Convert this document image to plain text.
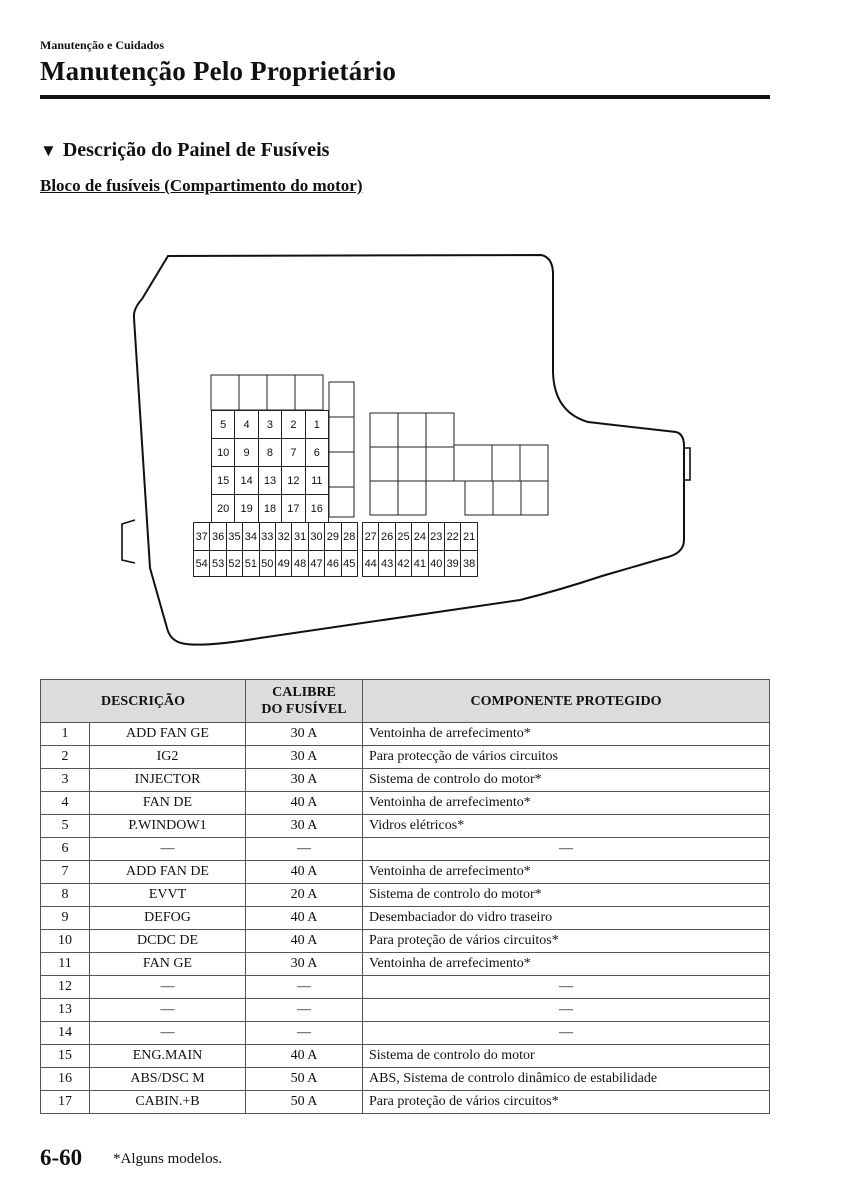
Manutenção e Cuidados
Manutenção Pelo Proprietário
▼ Descrição do Painel de Fusíveis
Bloco de fusíveis (Compartimento do motor)
5	4	3	2	1
10	9	8	7	6
15	14	13	12	11
20	19	18	17	16
37 36 35 34 33 32 31 30 29 28
54 53 52 51 50 49 48 47 46 45
27 26 25 24 23 22 21
44 43 42 41 40 39 38
DESCRIÇÃO		CALIBRE
DO FUSÍVEL	COMPONENTE PROTEGIDO
1	ADD FAN GE	30 A	Ventoinha de arrefecimento*
2	IG2	30 A	Para protecção de vários circuitos
3	INJECTOR	30 A	Sistema de controlo do motor*
4	FAN DE	40 A	Ventoinha de arrefecimento*
5	P.WINDOW1	30 A	Vidros elétricos*
6	—	—	—
7	ADD FAN DE	40 A	Ventoinha de arrefecimento*
8	EVVT	20 A	Sistema de controlo do motor*
9	DEFOG	40 A	Desembaciador do vidro traseiro
10	DCDC DE	40 A	Para proteção de vários circuitos*
11	FAN GE	30 A	Ventoinha de arrefecimento*
12	—	—	—
13	—	—	—
14	—	—	—
15	ENG.MAIN	40 A	Sistema de controlo do motor
16	ABS/DSC M	50 A	ABS, Sistema de controlo dinâmico de estabilidade
17	CABIN.+B	50 A	Para proteção de vários circuitos*
6-60 *Alguns modelos.
